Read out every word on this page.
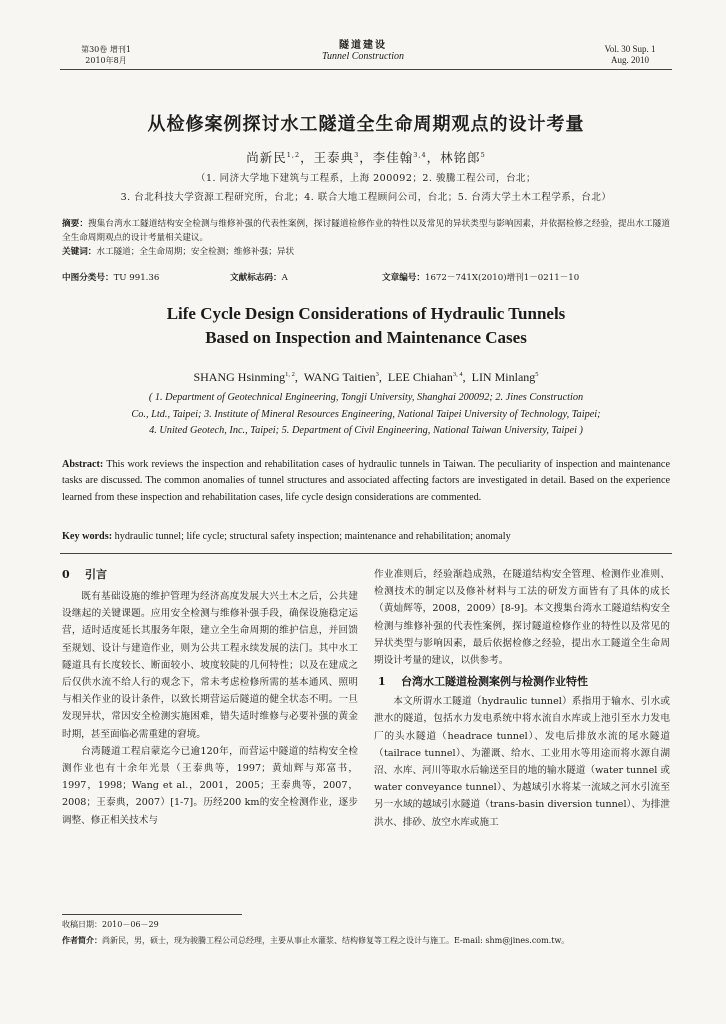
第30卷 增刊1
2010年8月
隧道建设
Tunnel Construction
Vol. 30 Sup. 1
Aug. 2010
从检修案例探讨水工隧道全生命周期观点的设计考量
尚新民$^{1,2}$，王泰典$^3$，李佳翰$^{3,4}$，林铭郎$^5$
（1. 同济大学地下建筑与工程系，上海 200092；2. 骏騰工程公司，台北；
3. 台北科技大学资源工程研究所，台北；4. 联合大地工程顾问公司，台北；5. 台湾大学土木工程学系，台北）
摘要：搜集台湾水工隧道结构安全检测与维修补强的代表性案例，探讨隧道检修作业的特性以及常见的异状类型与影响因素，并依据检修之经验，提出水工隧道全生命周期观点的设计考量相关建议。
关键词：水工隧道；全生命周期；安全检测；维修补强；异状
中图分类号：TU 991.36	文献标志码：A	文章编号：1672－741X(2010)增刊1－0211－10
Life Cycle Design Considerations of Hydraulic Tunnels
Based on Inspection and Maintenance Cases
SHANG Hsinming$^{1, 2}$,  WANG Taitien$^3$,  LEE Chiahan$^{3, 4}$,  LIN Minlang$^5$
( 1. Department of Geotechnical Engineering, Tongji University, Shanghai 200092; 2. Jines Construction
Co., Ltd., Taipei; 3. Institute of Mineral Resources Engineering, National Taipei University of Technology, Taipei;
4. United Geotech, Inc., Taipei; 5. Department of Civil Engineering, National Taiwan University, Taipei )
Abstract: This work reviews the inspection and rehabilitation cases of hydraulic tunnels in Taiwan. The peculiarity of inspection and maintenance tasks are discussed. The common anomalies of tunnel structures and associated affecting factors are investigated in detail. Based on the experience learned from these inspection and rehabilitation cases, life cycle design considerations are commented.
Key words: hydraulic tunnel; life cycle; structural safety inspection; maintenance and rehabilitation; anomaly
0 引言

既有基础设施的维护管理为经济高度发展大兴土木之后，公共建设继起的关键课题。应用安全检测与维修补强手段，确保设施稳定运营，适时适度延长其服务年限，建立全生命周期的维护信息，并回馈至规划、设计与建造作业，则为公共工程永续发展的法门。其中水工隧道具有长度较长、断面较小、坡度较陡的几何特性；以及在建成之后仅供水流不给人行的观念下，常未考虑检修所需的基本通风、照明与相关作业的设计条件，以致长期营运后隧道的健全状态不明。一旦发现异状，常因安全检测实施困难，错失适时维修与必要补强的黄金时期，甚至面临必需重建的窘境。

台湾隧道工程启蒙迄今已逾120年，而营运中隧道的结构安全检测作业也有十余年光景（王泰典等，1997；黄灿辉与郑富书，1997，1998；Wang et al.，2001，2005；王泰典等，2007，2008；王泰典，2007）[1-7]。历经200 km的安全检测作业，逐步调整、修正相关技术与

作业准则后，经验渐趋成熟，在隧道结构安全管理、检测作业准则、检测技术的制定以及修补材料与工法的研发方面皆有了具体的成长（黄灿辉等，2008，2009）[8-9]。本文搜集台湾水工隧道结构安全检测与维修补强的代表性案例，探讨隧道检修作业的特性以及常见的异状类型与影响因素，最后依据检修之经验，提出水工隧道全生命周期设计考量的建议，以供参考。

1 台湾水工隧道检测案例与检测作业特性

本文所谓水工隧道（hydraulic tunnel）系指用于输水、引水或泄水的隧道，包括水力发电系统中将水流自水库或上池引至水力发电厂的头水隧道（headrace tunnel）、发电后排放水流的尾水隧道（tailrace tunnel）、为灌溉、给水、工业用水等用途而将水源自湖沼、水库、河川等取水后输送至目的地的输水隧道（water tunnel 或 water conveyance tunnel）、为越域引水将某一流域之河水引流至另一水域的越域引水隧道（trans-basin diversion tunnel）、为排泄洪水、排砂、放空水库或施工

收稿日期：2010－06－29
作者简介：尚新民，男，硕士，现为骏騰工程公司总经理，主要从事止水灌浆、结构修复等工程之设计与施工。E-mail: shm@jines.com.tw。
